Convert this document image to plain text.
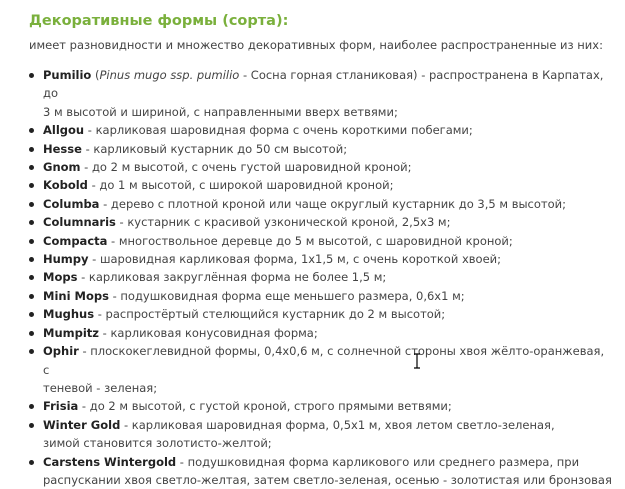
Декоративные формы (сорта):
имеет разновидности и множество декоративных форм, наиболее распространенные из них:
Pumilio (Pinus mugo ssp. pumilio - Сосна горная стланиковая) - распространена в Карпатах, до
3 м высотой и шириной, с направленными вверх ветвями;
Allgou - карликовая шаровидная форма с очень короткими побегами;
Hesse - карликовый кустарник до 50 см высотой;
Gnom - до 2 м высотой, с очень густой шаровидной кроной;
Kobold - до 1 м высотой, с широкой шаровидной кроной;
Columba - дерево с плотной кроной или чаще округлый кустарник до 3,5 м высотой;
Columnaris - кустарник с красивой узконической кроной, 2,5х3 м;
Compacta - многоствольное деревце до 5 м высотой, с шаровидной кроной;
Humpy - шаровидная карликовая форма, 1х1,5 м, с очень короткой хвоей;
Mops - карликовая закруглённая форма не более 1,5 м;
Mini Mops - подушковидная форма еще меньшего размера, 0,6х1 м;
Mughus - распростёртый стелющийся кустарник до 2 м высотой;
Mumpitz - карликовая конусовидная форма;
Ophir - плоскокеглевидной формы, 0,4х0,6 м, с солнечной стороны хвоя жёлто-оранжевая, с
теневой - зеленая;
Frisia - до 2 м высотой, с густой кроной, строго прямыми ветвями;
Winter Gold - карликовая шаровидная форма, 0,5х1 м, хвоя летом светло-зеленая,
зимой становится золотисто-желтой;
Carstens Wintergold - подушковидная форма карликового или среднего размера, при
распускании хвоя светло-желтая, затем светло-зеленая, осенью - золотистая или бронзовая
